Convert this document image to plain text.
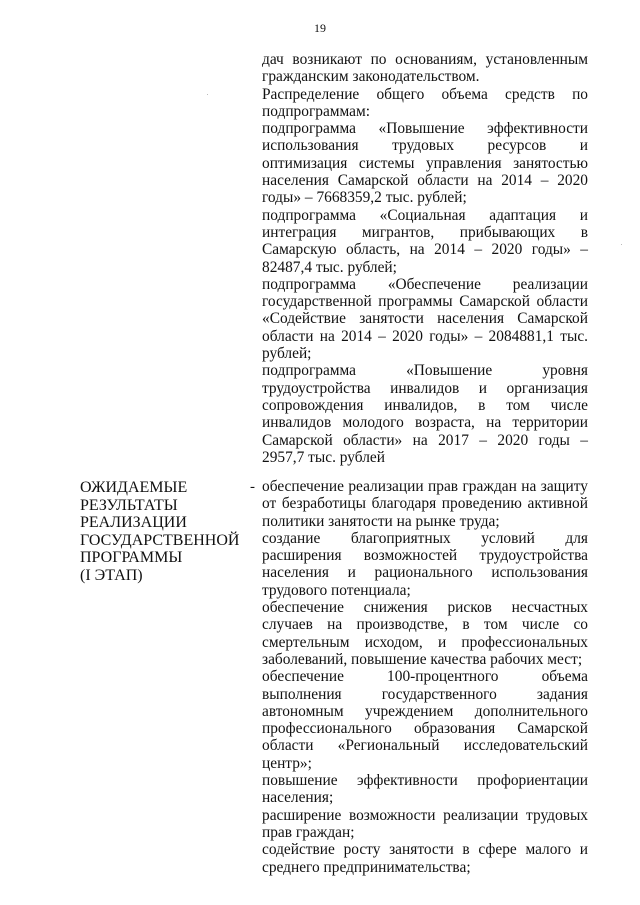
19

дач возникают по основаниям, установленным гражданским законодательством.

Распределение общего объема средств по подпрограммам:

подпрограмма «Повышение эффективности использования трудовых ресурсов и оптимизация системы управления занятостью населения Самарской области на 2014 – 2020 годы» – 7668359,2 тыс. рублей;

подпрограмма «Социальная адаптация и интеграция мигрантов, прибывающих в Самарскую область, на 2014 – 2020 годы» – 82487,4 тыс. рублей;

подпрограмма «Обеспечение реализации государственной программы Самарской области «Содействие занятости населения Самарской области на 2014 – 2020 годы» – 2084881,1 тыс. рублей;

подпрограмма «Повышение уровня трудоустройства инвалидов и организация сопровождения инвалидов, в том числе инвалидов молодого возраста, на территории Самарской области» на 2017 – 2020 годы – 2957,7 тыс. рублей

ОЖИДАЕМЫЕ
РЕЗУЛЬТАТЫ
РЕАЛИЗАЦИИ
ГОСУДАРСТВЕННОЙ
ПРОГРАММЫ
(I ЭТАП)
- обеспечение реализации прав граждан на защиту от безработицы благодаря проведению активной политики занятости на рынке труда;

создание благоприятных условий для расширения возможностей трудоустройства населения и рационального использования трудового потенциала;

обеспечение снижения рисков несчастных случаев на производстве, в том числе со смертельным исходом, и профессиональных заболеваний, повышение качества рабочих мест;

обеспечение 100-процентного объема выполнения государственного задания автономным учреждением дополнительного профессионального образования Самарской области «Региональный исследовательский центр»;

повышение эффективности профориентации населения;

расширение возможности реализации трудовых прав граждан;

содействие росту занятости в сфере малого и среднего предпринимательства;
